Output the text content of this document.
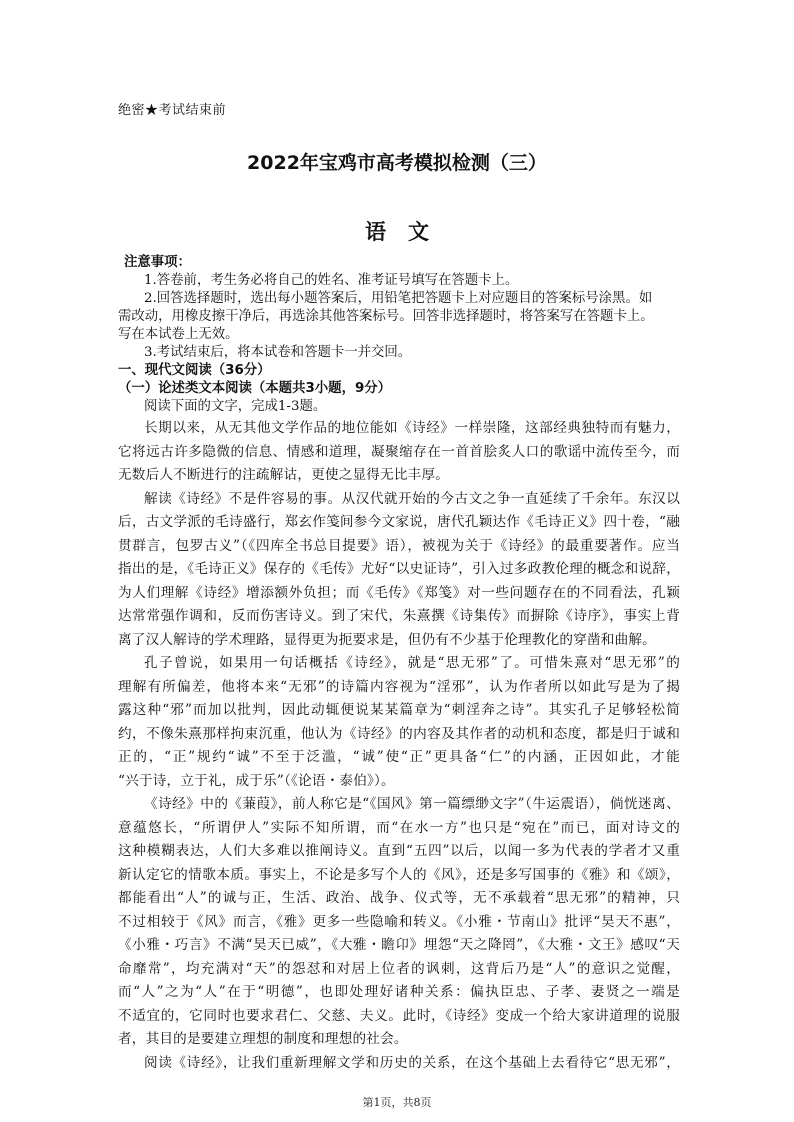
绝密★考试结束前
2022年宝鸡市高考模拟检测（三）
语文
注意事项：
1.答卷前，考生务必将自己的姓名、准考证号填写在答题卡上。
2.回答选择题时，选出每小题答案后，用铅笔把答题卡上对应题目的答案标号涂黑。如
需改动，用橡皮擦干净后，再选涂其他答案标号。回答非选择题时，将答案写在答题卡上。
写在本试卷上无效。
3.考试结束后，将本试卷和答题卡一并交回。
一、现代文阅读（36分）
（一）论述类文本阅读（本题共3小题，9分）
阅读下面的文字，完成1-3题。
长期以来，从无其他文学作品的地位能如《诗经》一样崇隆，这部经典独特而有魅力，
它将远古许多隐微的信息、情感和道理，凝聚缩存在一首首脍炙人口的歌谣中流传至今，而
无数后人不断进行的注疏解诂，更使之显得无比丰厚。
解读《诗经》不是件容易的事。从汉代就开始的今古文之争一直延续了千余年。东汉以
后，古文学派的毛诗盛行，郑玄作笺间参今文家说，唐代孔颖达作《毛诗正义》四十卷，“融
贯群言，包罗古义”（《四库全书总目提要》语），被视为关于《诗经》的最重要著作。应当
指出的是，《毛诗正义》保存的《毛传》尤好“以史证诗”，引入过多政教伦理的概念和说辞，
为人们理解《诗经》增添额外负担；而《毛传》《郑笺》对一些问题存在的不同看法，孔颖
达常常强作调和，反而伤害诗义。到了宋代，朱熹撰《诗集传》而摒除《诗序》，事实上背
离了汉人解诗的学术理路，显得更为扼要求是，但仍有不少基于伦理教化的穿凿和曲解。
孔子曾说，如果用一句话概括《诗经》，就是“思无邪”了。可惜朱熹对“思无邪”的
理解有所偏差，他将本来“无邪”的诗篇内容视为“淫邪”，认为作者所以如此写是为了揭
露这种“邪”而加以批判，因此动辄便说某某篇章为“刺淫奔之诗”。其实孔子足够轻松简
约，不像朱熹那样拘束沉重，他认为《诗经》的内容及其作者的动机和态度，都是归于诚和
正的，“正”规约“诚”不至于泛滥，“诚”使“正”更具备“仁”的内涵，正因如此，才能
“兴于诗，立于礼，成于乐”（《论语・泰伯》）。
《诗经》中的《蒹葭》，前人称它是“《国风》第一篇缥缈文字”（牛运震语），倘恍迷离、
意蕴悠长，“所谓伊人”实际不知所谓，而“在水一方”也只是“宛在”而已，面对诗文的
这种模糊表达，人们大多难以推阐诗义。直到“五四”以后，以闻一多为代表的学者才又重
新认定它的情歌本质。事实上，不论是多写个人的《风》，还是多写国事的《雅》和《颂》，
都能看出“人”的诚与正，生活、政治、战争、仪式等，无不承载着“思无邪”的精神，只
不过相较于《风》而言，《雅》更多一些隐喻和转义。《小雅・节南山》批评“昊天不惠”，
《小雅・巧言》不满“昊天已威”，《大雅・瞻卬》埋怨“天之降罔”，《大雅・文王》感叹“天
命靡常”，均充满对“天”的怨怼和对居上位者的讽刺，这背后乃是“人”的意识之觉醒，
而“人”之为“人”在于“明德”，也即处理好诸种关系：偏执臣忠、子孝、妻贤之一端是
不适宜的，它同时也要求君仁、父慈、夫义。此时，《诗经》变成一个给大家讲道理的说服
者，其目的是要建立理想的制度和理想的社会。
阅读《诗经》，让我们重新理解文学和历史的关系，在这个基础上去看待它“思无邪”，
第1页，共8页
